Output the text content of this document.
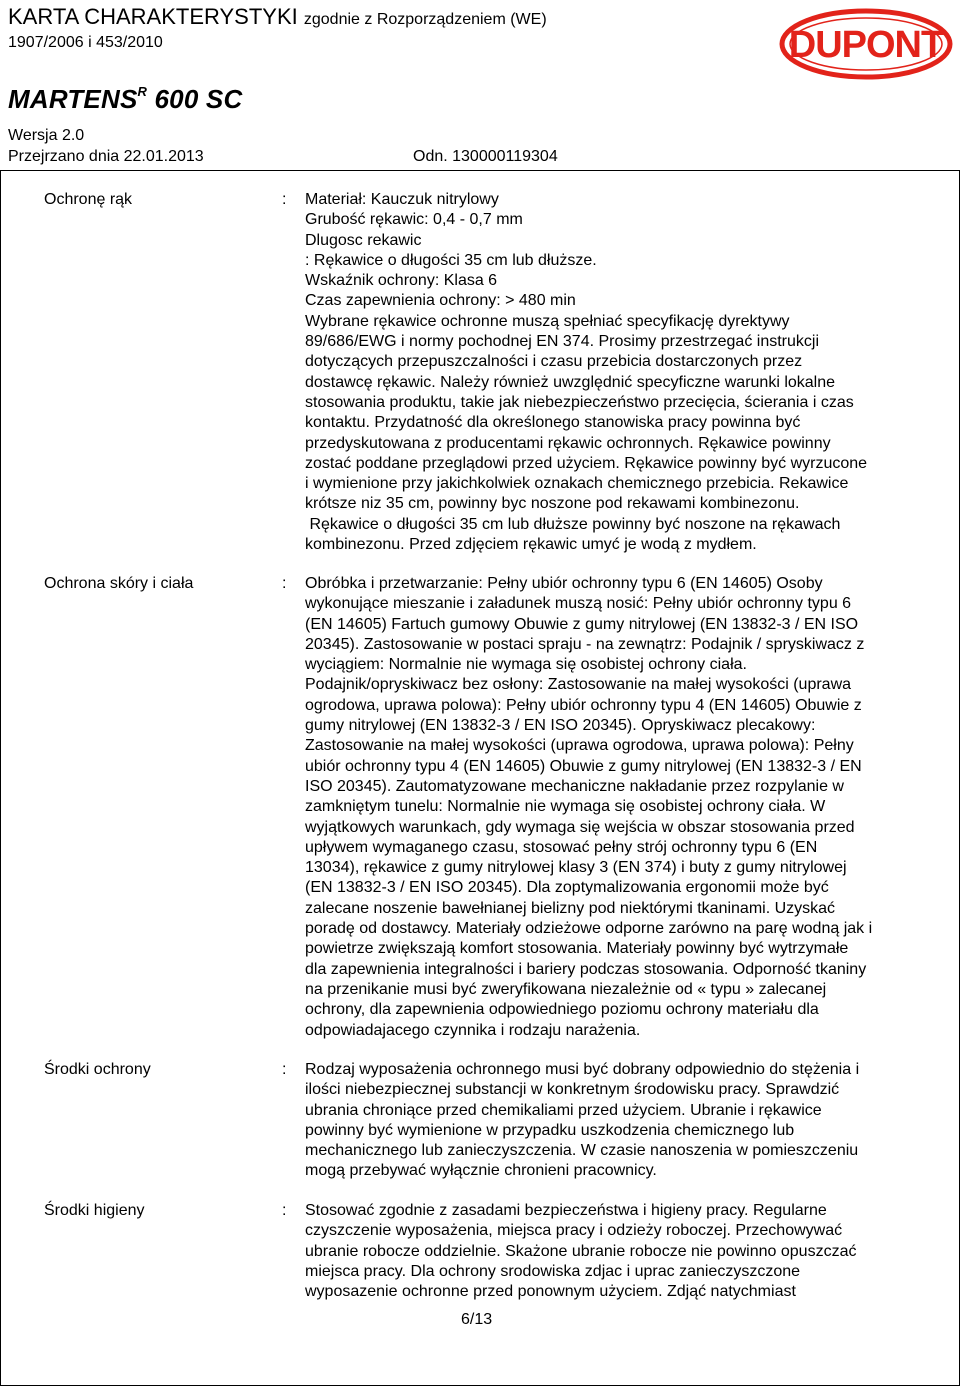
KARTA CHARAKTERYSTYKI zgodnie z Rozporządzeniem (WE)
1907/2006 i 453/2010	DUPONT
$MARTENS^R$ 600 SC
Wersja 2.0
Przejrzano dnia 22.01.2013	Odn. 130000119304
Ochronę rąk	: Materiał: Kauczuk nitrylowy
Grubość rękawic: 0,4 - 0,7 mm
Dlugosc rekawic
: Rękawice o długości 35 cm lub dłuższe.
Wskaźnik ochrony: Klasa 6
Czas zapewnienia ochrony: > 480 min
Wybrane rękawice ochronne muszą spełniać specyfikację dyrektywy
89/686/EWG i normy pochodnej EN 374. Prosimy przestrzegać instrukcji
dotyczących przepuszczalności i czasu przebicia dostarczonych przez
dostawcę rękawic. Należy również uwzględnić specyficzne warunki lokalne
stosowania produktu, takie jak niebezpieczeństwo przecięcia, ścierania i czas
kontaktu. Przydatność dla określonego stanowiska pracy powinna być
przedyskutowana z producentami rękawic ochronnych. Rękawice powinny
zostać poddane przeglądowi przed użyciem. Rękawice powinny być wyrzucone
i wymienione przy jakichkolwiek oznakach chemicznego przebicia. Rekawice
krótsze niz 35 cm, powinny byc noszone pod rekawami kombinezonu.
Rękawice o długości 35 cm lub dłuższe powinny być noszone na rękawach
kombinezonu. Przed zdjęciem rękawic umyć je wodą z mydłem.
Ochrona skóry i ciała	: Obróbka i przetwarzanie: Pełny ubiór ochronny typu 6 (EN 14605) Osoby
wykonujące mieszanie i załadunek muszą nosić: Pełny ubiór ochronny typu 6
(EN 14605) Fartuch gumowy Obuwie z gumy nitrylowej (EN 13832-3 / EN ISO
20345). Zastosowanie w postaci spraju - na zewnątrz: Podajnik / spryskiwacz z
wyciągiem: Normalnie nie wymaga się osobistej ochrony ciała.
Podajnik/opryskiwacz bez osłony: Zastosowanie na małej wysokości (uprawa
ogrodowa, uprawa polowa): Pełny ubiór ochronny typu 4 (EN 14605) Obuwie z
gumy nitrylowej (EN 13832-3 / EN ISO 20345). Opryskiwacz plecakowy:
Zastosowanie na małej wysokości (uprawa ogrodowa, uprawa polowa): Pełny
ubiór ochronny typu 4 (EN 14605) Obuwie z gumy nitrylowej (EN 13832-3 / EN
ISO 20345). Zautomatyzowane mechaniczne nakładanie przez rozpylanie w
zamkniętym tunelu: Normalnie nie wymaga się osobistej ochrony ciała. W
wyjątkowych warunkach, gdy wymaga się wejścia w obszar stosowania przed
upływem wymaganego czasu, stosować pełny strój ochronny typu 6 (EN
13034), rękawice z gumy nitrylowej klasy 3 (EN 374) i buty z gumy nitrylowej
(EN 13832-3 / EN ISO 20345). Dla zoptymalizowania ergonomii może być
zalecane noszenie bawełnianej bielizny pod niektórymi tkaninami. Uzyskać
poradę od dostawcy. Materiały odzieżowe odporne zarówno na parę wodną jak i
powietrze zwiększają komfort stosowania. Materiały powinny być wytrzymałe
dla zapewnienia integralności i bariery podczas stosowania. Odporność tkaniny
na przenikanie musi być zweryfikowana niezależnie od « typu » zalecanej
ochrony, dla zapewnienia odpowiedniego poziomu ochrony materiału dla
odpowiadajacego czynnika i rodzaju narażenia.
Środki ochrony	: Rodzaj wyposażenia ochronnego musi być dobrany odpowiednio do stężenia i
ilości niebezpiecznej substancji w konkretnym środowisku pracy. Sprawdzić
ubrania chroniące przed chemikaliami przed użyciem. Ubranie i rękawice
powinny być wymienione w przypadku uszkodzenia chemicznego lub
mechanicznego lub zanieczyszczenia. W czasie nanoszenia w pomieszczeniu
mogą przebywać wyłącznie chronieni pracownicy.
Środki higieny	: Stosować zgodnie z zasadami bezpieczeństwa i higieny pracy. Regularne
czyszczenie wyposażenia, miejsca pracy i odzieży roboczej. Przechowywać
ubranie robocze oddzielnie. Skażone ubranie robocze nie powinno opuszczać
miejsca pracy. Dla ochrony srodowiska zdjac i uprac zanieczyszczone
wyposazenie ochronne przed ponownym użyciem. Zdjąć natychmiast
6/13
